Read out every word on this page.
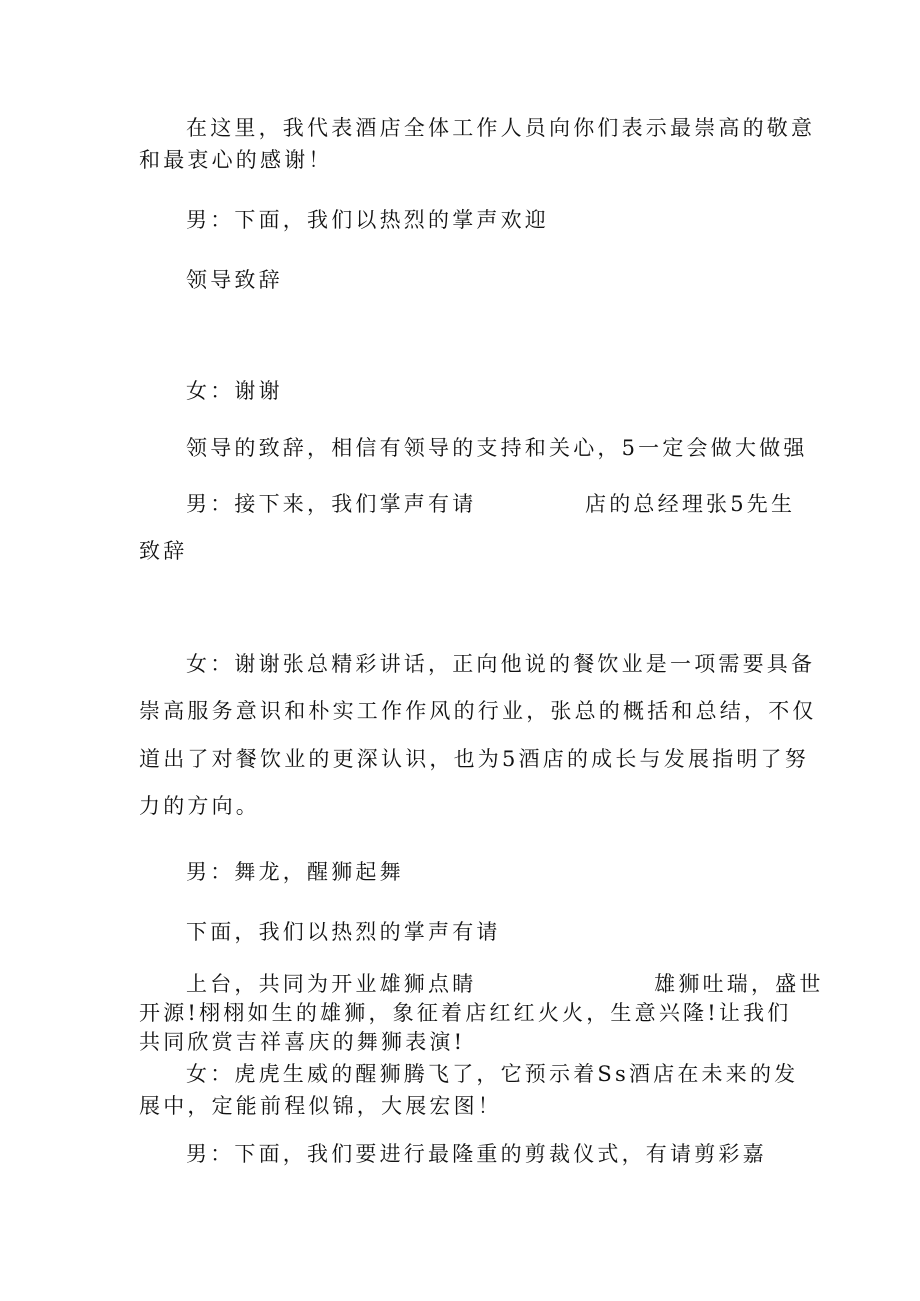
在这里，我代表酒店全体工作人员向你们表示最崇高的敬意
和最衷心的感谢！
男：下面，我们以热烈的掌声欢迎
领导致辞
女：谢谢
领导的致辞，相信有领导的支持和关心，5一定会做大做强
男：接下来，我们掌声有请           店的总经理张5先生
致辞
女：谢谢张总精彩讲话，正向他说的餐饮业是一项需要具备
崇高服务意识和朴实工作作风的行业，张总的概括和总结，不仅
道出了对餐饮业的更深认识，也为5酒店的成长与发展指明了努
力的方向。
男：舞龙，醒狮起舞
下面，我们以热烈的掌声有请
上台，共同为开业雄狮点睛                  雄狮吐瑞，盛世
开源!栩栩如生的雄狮，象征着店红红火火，生意兴隆!让我们
共同欣赏吉祥喜庆的舞狮表演!
女：虎虎生威的醒狮腾飞了，它预示着Ss酒店在未来的发
展中，定能前程似锦，大展宏图！
男：下面，我们要进行最隆重的剪裁仪式，有请剪彩嘉
